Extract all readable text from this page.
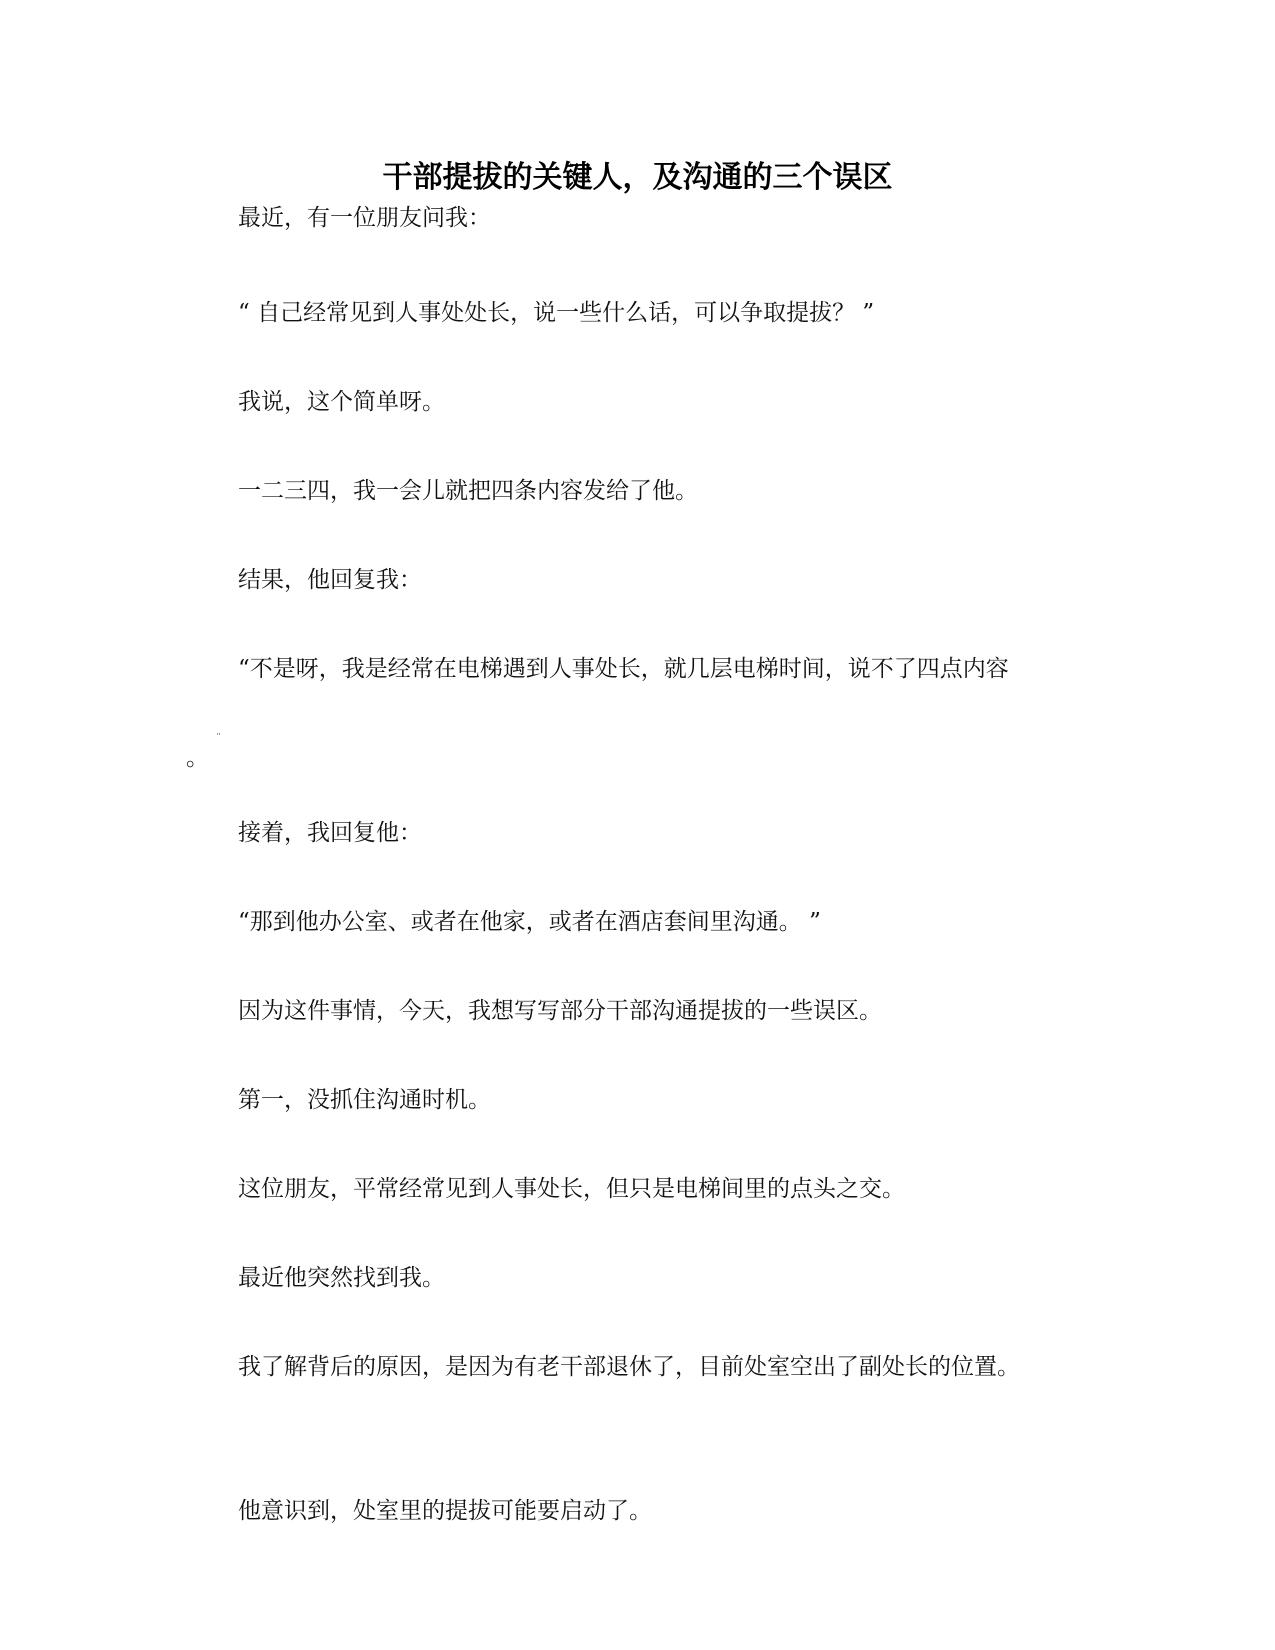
干部提拔的关键人，及沟通的三个误区

最近，有一位朋友问我：

“ 自己经常见到人事处处长，说一些什么话，可以争取提拔？ ”

我说，这个简单呀。

一二三四，我一会儿就把四条内容发给了他。

结果，他回复我：

“不是呀，我是经常在电梯遇到人事处长，就几层电梯时间，说不了四点内容

¨
。

接着，我回复他：

“那到他办公室、或者在他家，或者在酒店套间里沟通。 ”

因为这件事情，今天，我想写写部分干部沟通提拔的一些误区。

第一，没抓住沟通时机。

这位朋友，平常经常见到人事处长，但只是电梯间里的点头之交。

最近他突然找到我。

我了解背后的原因，是因为有老干部退休了，目前处室空出了副处长的位置。

他意识到，处室里的提拔可能要启动了。
